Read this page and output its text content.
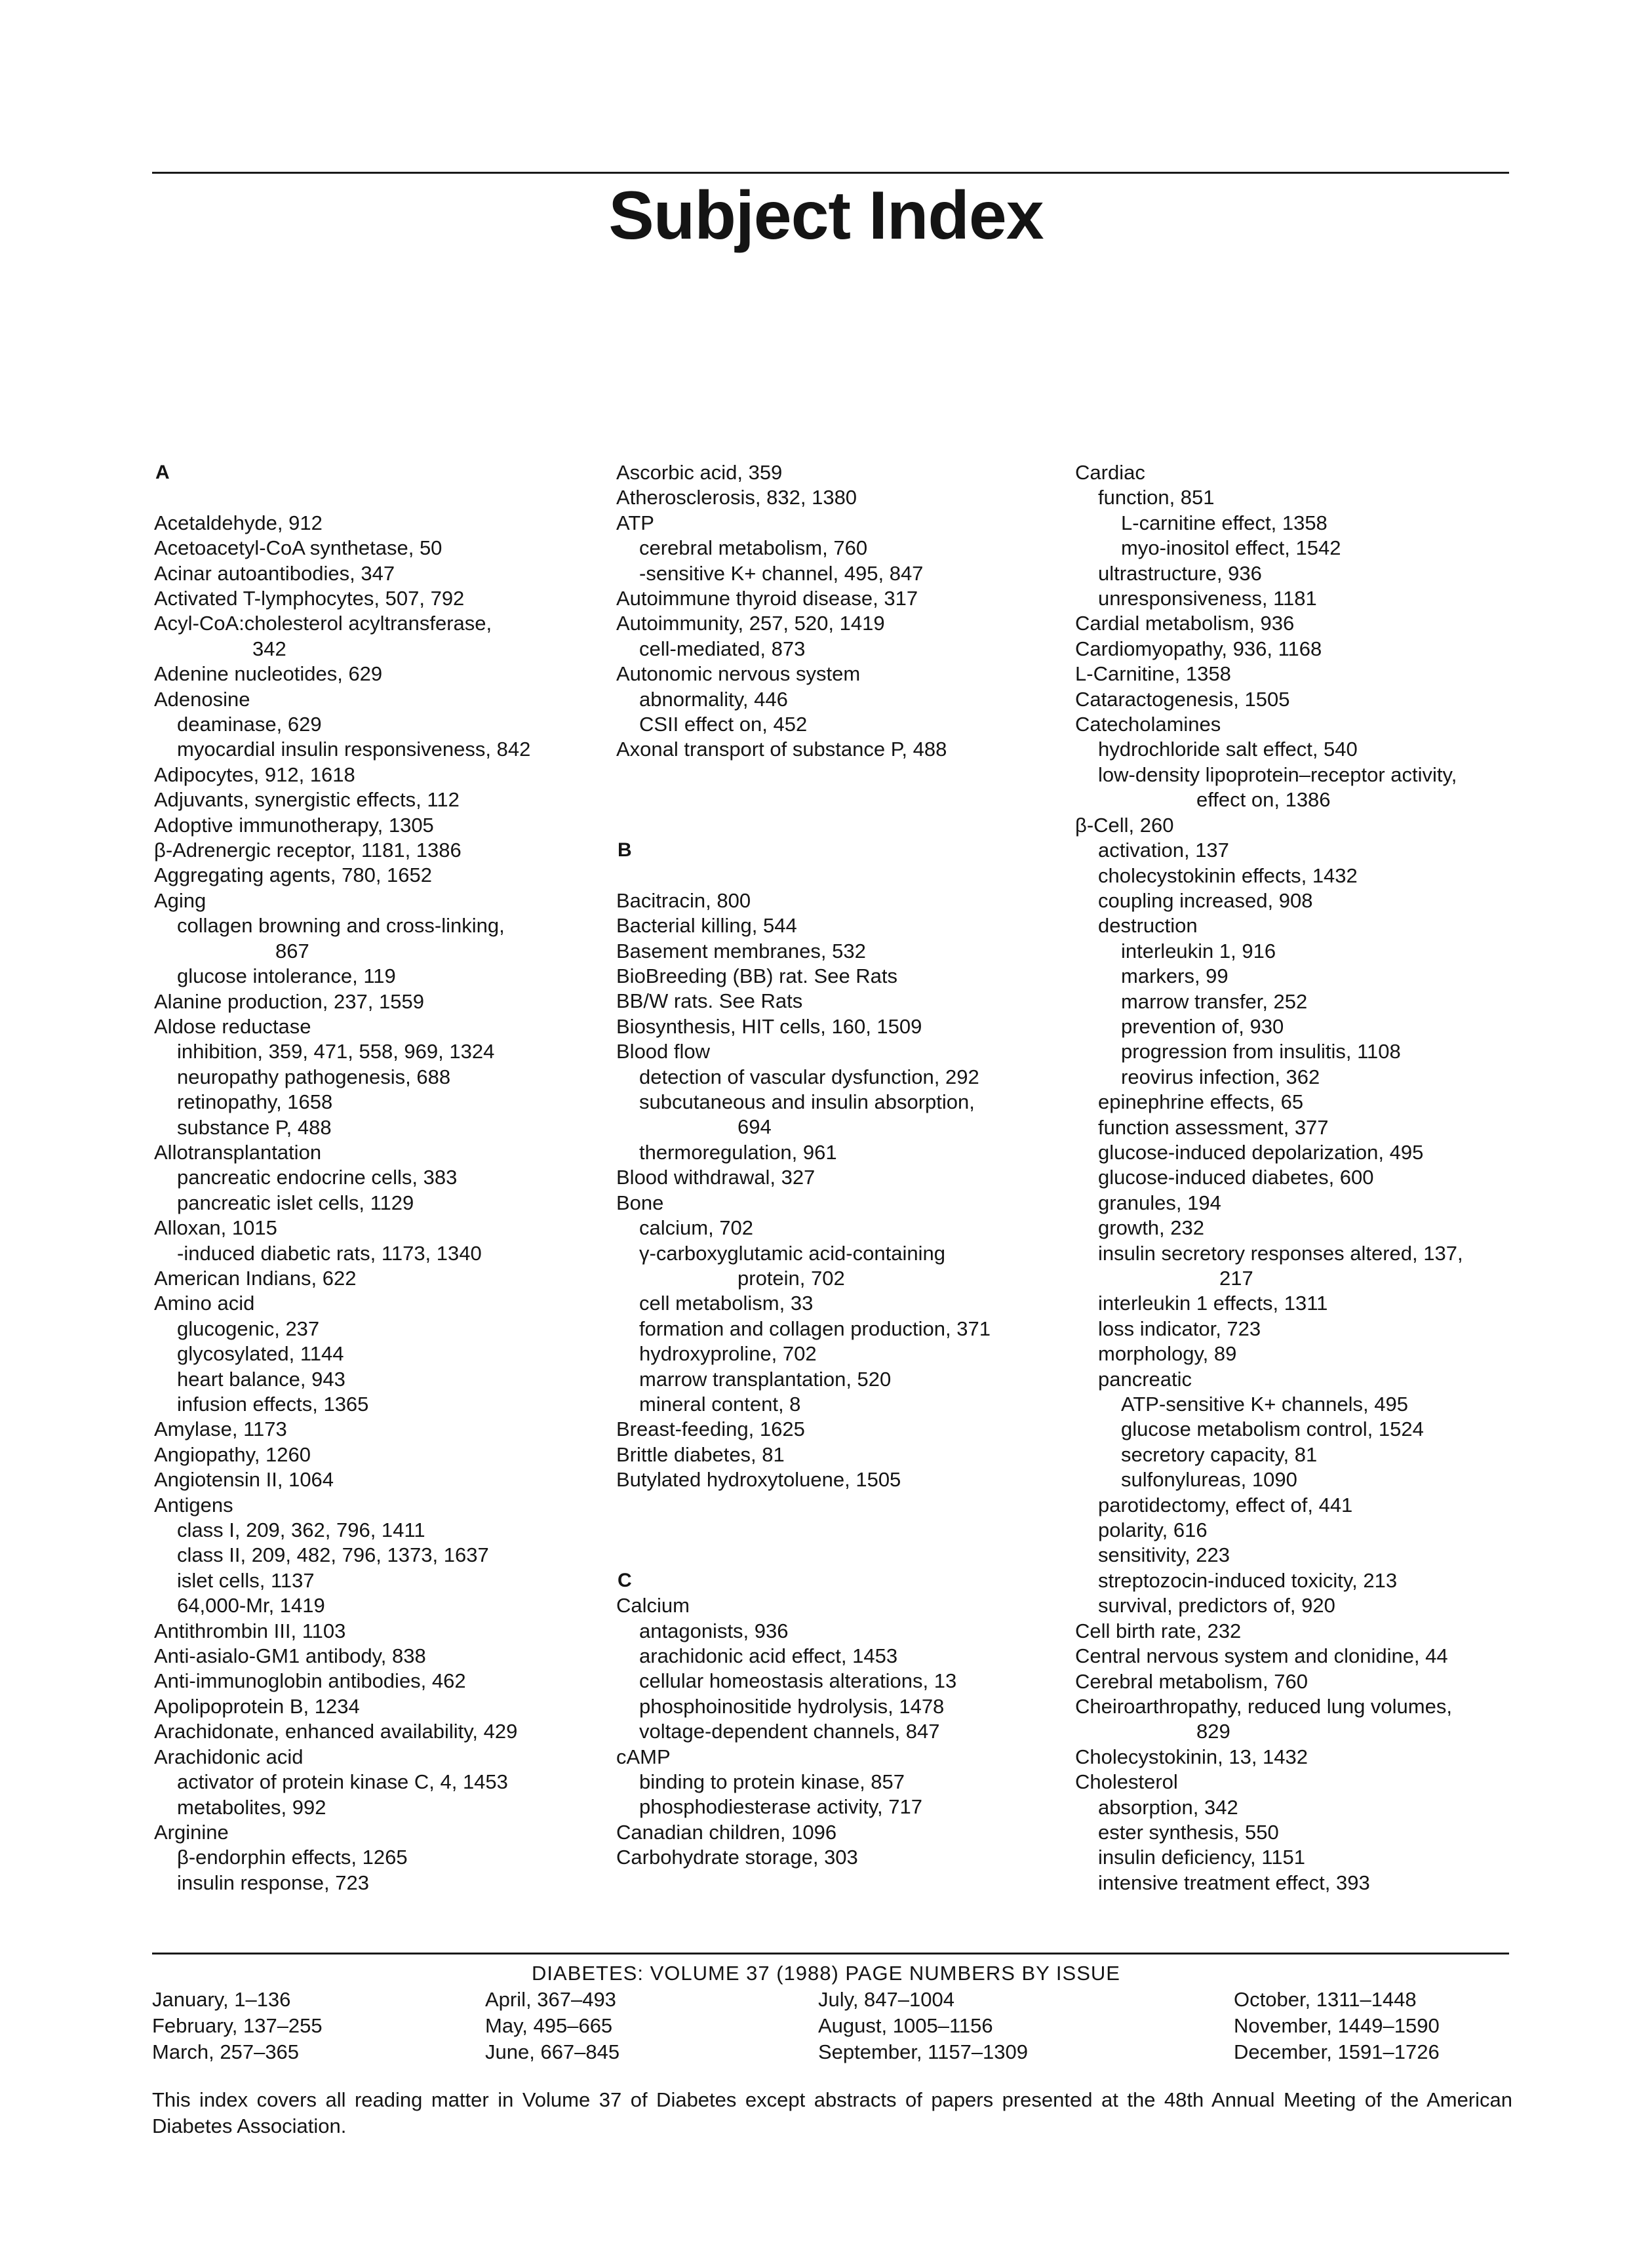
Subject Index
A
Acetaldehyde, 912
Acetoacetyl-CoA synthetase, 50
Acinar autoantibodies, 347
Activated T-lymphocytes, 507, 792
Acyl-CoA:cholesterol acyltransferase,
342
Adenine nucleotides, 629
Adenosine
deaminase, 629
myocardial insulin responsiveness, 842
Adipocytes, 912, 1618
Adjuvants, synergistic effects, 112
Adoptive immunotherapy, 1305
β-Adrenergic receptor, 1181, 1386
Aggregating agents, 780, 1652
Aging
collagen browning and cross-linking,
867
glucose intolerance, 119
Alanine production, 237, 1559
Aldose reductase
inhibition, 359, 471, 558, 969, 1324
neuropathy pathogenesis, 688
retinopathy, 1658
substance P, 488
Allotransplantation
pancreatic endocrine cells, 383
pancreatic islet cells, 1129
Alloxan, 1015
-induced diabetic rats, 1173, 1340
American Indians, 622
Amino acid
glucogenic, 237
glycosylated, 1144
heart balance, 943
infusion effects, 1365
Amylase, 1173
Angiopathy, 1260
Angiotensin II, 1064
Antigens
class I, 209, 362, 796, 1411
class II, 209, 482, 796, 1373, 1637
islet cells, 1137
64,000-Mr, 1419
Antithrombin III, 1103
Anti-asialo-GM1 antibody, 838
Anti-immunoglobin antibodies, 462
Apolipoprotein B, 1234
Arachidonate, enhanced availability, 429
Arachidonic acid
activator of protein kinase C, 4, 1453
metabolites, 992
Arginine
β-endorphin effects, 1265
insulin response, 723
Ascorbic acid, 359
Atherosclerosis, 832, 1380
ATP
cerebral metabolism, 760
-sensitive K+ channel, 495, 847
Autoimmune thyroid disease, 317
Autoimmunity, 257, 520, 1419
cell-mediated, 873
Autonomic nervous system
abnormality, 446
CSII effect on, 452
Axonal transport of substance P, 488
B
Bacitracin, 800
Bacterial killing, 544
Basement membranes, 532
BioBreeding (BB) rat. See Rats
BB/W rats. See Rats
Biosynthesis, HIT cells, 160, 1509
Blood flow
detection of vascular dysfunction, 292
subcutaneous and insulin absorption,
694
thermoregulation, 961
Blood withdrawal, 327
Bone
calcium, 702
γ-carboxyglutamic acid-containing
protein, 702
cell metabolism, 33
formation and collagen production, 371
hydroxyproline, 702
marrow transplantation, 520
mineral content, 8
Breast-feeding, 1625
Brittle diabetes, 81
Butylated hydroxytoluene, 1505
C
Calcium
antagonists, 936
arachidonic acid effect, 1453
cellular homeostasis alterations, 13
phosphoinositide hydrolysis, 1478
voltage-dependent channels, 847
cAMP
binding to protein kinase, 857
phosphodiesterase activity, 717
Canadian children, 1096
Carbohydrate storage, 303
Cardiac
function, 851
L-carnitine effect, 1358
myo-inositol effect, 1542
ultrastructure, 936
unresponsiveness, 1181
Cardial metabolism, 936
Cardiomyopathy, 936, 1168
L-Carnitine, 1358
Cataractogenesis, 1505
Catecholamines
hydrochloride salt effect, 540
low-density lipoprotein–receptor activity,
effect on, 1386
β-Cell, 260
activation, 137
cholecystokinin effects, 1432
coupling increased, 908
destruction
interleukin 1, 916
markers, 99
marrow transfer, 252
prevention of, 930
progression from insulitis, 1108
reovirus infection, 362
epinephrine effects, 65
function assessment, 377
glucose-induced depolarization, 495
glucose-induced diabetes, 600
granules, 194
growth, 232
insulin secretory responses altered, 137,
217
interleukin 1 effects, 1311
loss indicator, 723
morphology, 89
pancreatic
ATP-sensitive K+ channels, 495
glucose metabolism control, 1524
secretory capacity, 81
sulfonylureas, 1090
parotidectomy, effect of, 441
polarity, 616
sensitivity, 223
streptozocin-induced toxicity, 213
survival, predictors of, 920
Cell birth rate, 232
Central nervous system and clonidine, 44
Cerebral metabolism, 760
Cheiroarthropathy, reduced lung volumes,
829
Cholecystokinin, 13, 1432
Cholesterol
absorption, 342
ester synthesis, 550
insulin deficiency, 1151
intensive treatment effect, 393
DIABETES: VOLUME 37 (1988) PAGE NUMBERS BY ISSUE
January, 1–136
February, 137–255
March, 257–365
April, 367–493
May, 495–665
June, 667–845
July, 847–1004
August, 1005–1156
September, 1157–1309
October, 1311–1448
November, 1449–1590
December, 1591–1726
This index covers all reading matter in Volume 37 of Diabetes except abstracts of papers presented at the 48th Annual Meeting of the American Diabetes Association.
